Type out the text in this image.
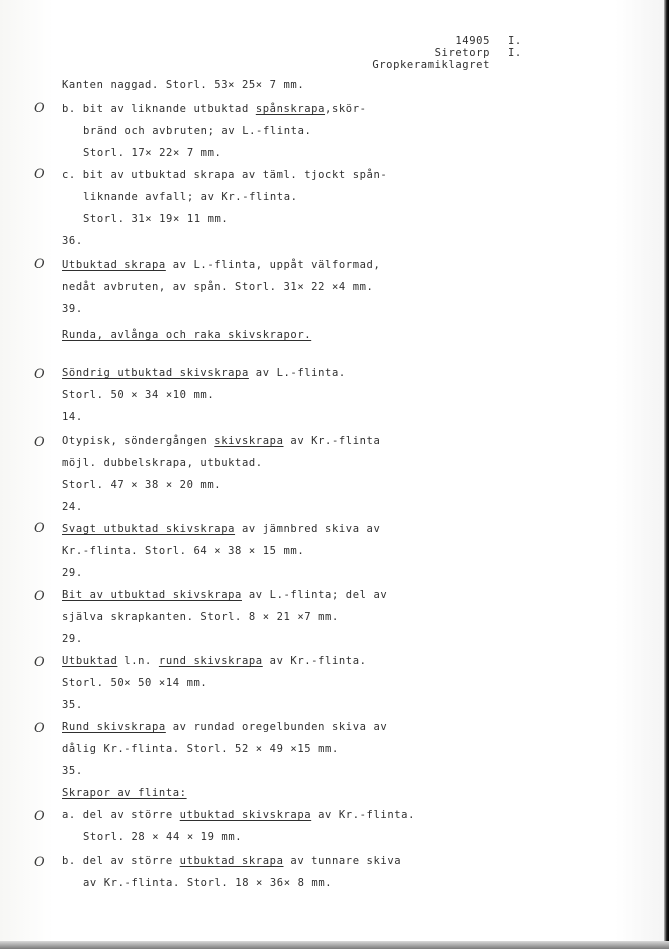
14905 I.
Siretorp I.
Gropkeramiklagret
O
O
O
O
O
O
O
O
O
O
O
Kanten naggad. Storl. 53× 25× 7 mm.
b. bit av liknande utbuktad spånskrapa,skör-
bränd och avbruten; av L.-flinta.
Storl. 17× 22× 7 mm.
c. bit av utbuktad skrapa av täml. tjockt spån-
liknande avfall; av Kr.-flinta.
Storl. 31× 19× 11 mm.
36.
Utbuktad skrapa av L.-flinta, uppåt välformad,
nedåt avbruten, av spån. Storl. 31× 22 ×4 mm.
39.
Runda, avlånga och raka skivskrapor.
Söndrig utbuktad skivskrapa av L.-flinta.
Storl. 50 × 34 ×10 mm.
14.
Otypisk, söndergången skivskrapa av Kr.-flinta
möjl. dubbelskrapa, utbuktad.
Storl. 47 × 38 × 20 mm.
24.
Svagt utbuktad skivskrapa av jämnbred skiva av
Kr.-flinta. Storl. 64 × 38 × 15 mm.
29.
Bit av utbuktad skivskrapa av L.-flinta; del av
själva skrapkanten. Storl. 8 × 21 ×7 mm.
29.
Utbuktad l.n. rund skivskrapa av Kr.-flinta.
Storl. 50× 50 ×14 mm.
35.
Rund skivskrapa av rundad oregelbunden skiva av
dålig Kr.-flinta. Storl. 52 × 49 ×15 mm.
35.
Skrapor av flinta:
a. del av större utbuktad skivskrapa av Kr.-flinta.
Storl. 28 × 44 × 19 mm.
b. del av större utbuktad skrapa av tunnare skiva
av Kr.-flinta. Storl. 18 × 36× 8 mm.
